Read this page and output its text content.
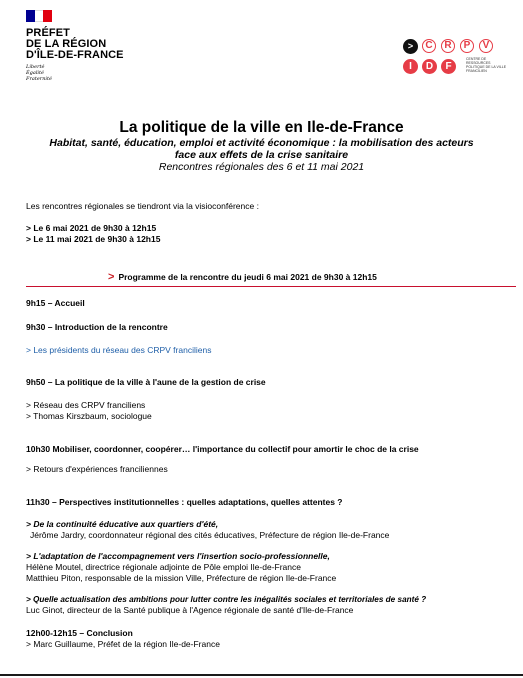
PRÉFET
DE LA RÉGION
D'ÎLE-DE-FRANCE
Liberté
Égalité
Fraternité
>	C	R	P	V
I	D	F
CENTRE DE RESSOURCES POLITIQUE DE LA VILLE FRANCILIEN
La politique de la ville en Ile-de-France
Habitat, santé, éducation, emploi et activité économique : la mobilisation des acteurs face aux effets de la crise sanitaire
Rencontres régionales des 6 et 11 mai 2021
Les rencontres régionales se tiendront via la visioconférence :
> Le 6 mai 2021 de 9h30 à 12h15
> Le 11 mai 2021 de 9h30 à 12h15
> Programme de la rencontre du jeudi 6 mai 2021 de 9h30 à 12h15
9h15 – Accueil
9h30 – Introduction de la rencontre
> Les présidents du réseau des CRPV franciliens
9h50 – La politique de la ville à l'aune de la gestion de crise
> Réseau des CRPV franciliens
> Thomas Kirszbaum, sociologue
10h30 Mobiliser, coordonner, coopérer… l'importance du collectif pour amortir le choc de la crise
> Retours d'expériences franciliennes
11h30 – Perspectives institutionnelles : quelles adaptations, quelles attentes ?
> De la continuité éducative aux quartiers d'été,
Jérôme Jardry, coordonnateur régional des cités éducatives, Préfecture de région Ile-de-France
> L'adaptation de l'accompagnement vers l'insertion socio-professionnelle,
Hélène Moutel, directrice régionale adjointe de Pôle emploi Ile-de-France
Matthieu Piton, responsable de la mission Ville, Préfecture de région Ile-de-France
> Quelle actualisation des ambitions pour lutter contre les inégalités sociales et territoriales de santé ?
Luc Ginot, directeur de la Santé publique à l'Agence régionale de santé d'Ile-de-France
12h00-12h15 – Conclusion
> Marc Guillaume, Préfet de la région Ile-de-France
